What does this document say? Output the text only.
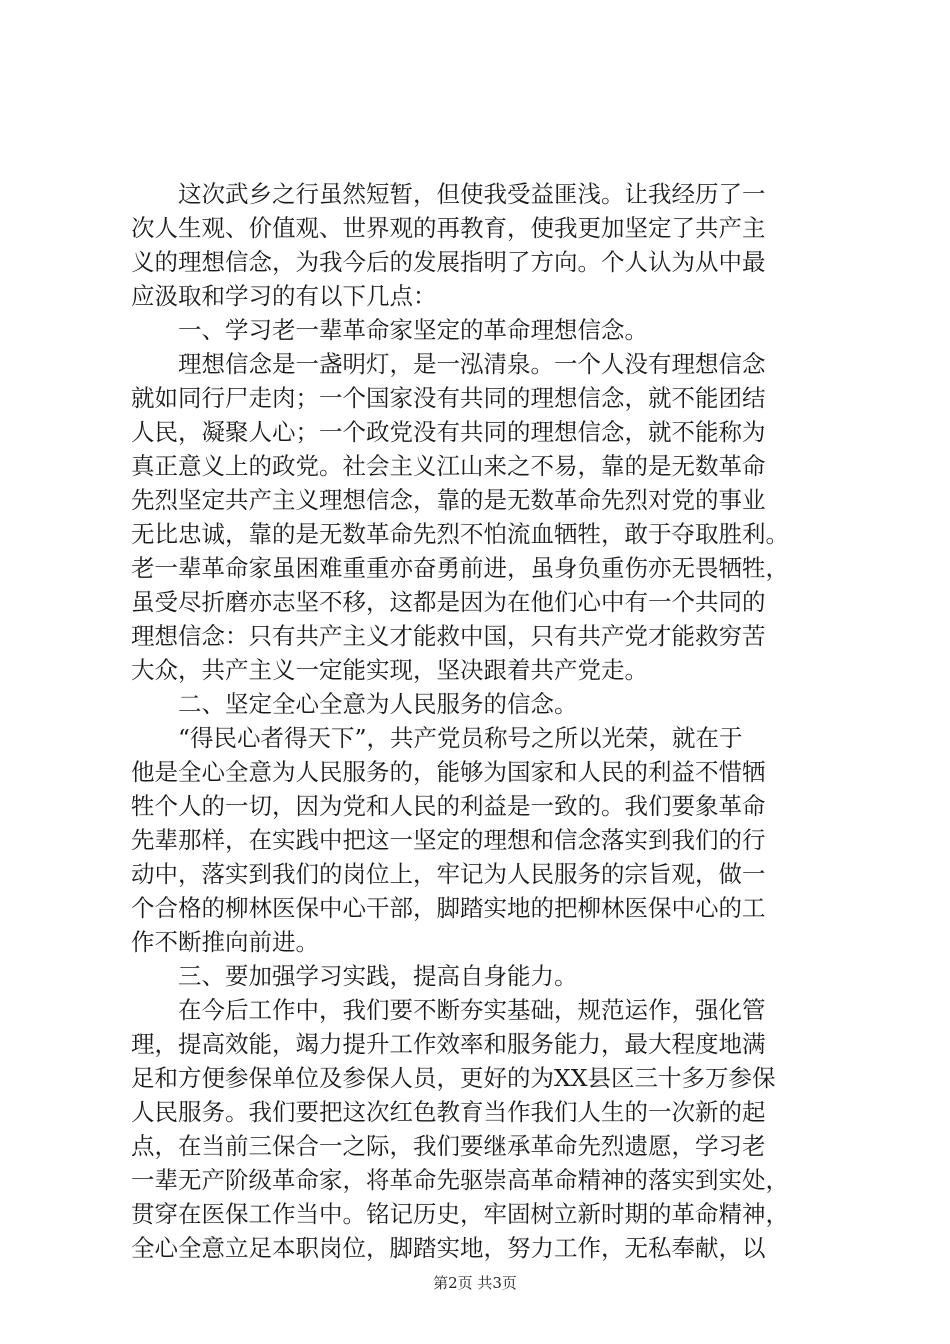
　　这次武乡之行虽然短暂，但使我受益匪浅。让我经历了一
次人生观、价值观、世界观的再教育，使我更加坚定了共产主
义的理想信念，为我今后的发展指明了方向。个人认为从中最
应汲取和学习的有以下几点：
　　一、学习老一辈革命家坚定的革命理想信念。
　　理想信念是一盏明灯，是一泓清泉。一个人没有理想信念
就如同行尸走肉；一个国家没有共同的理想信念，就不能团结
人民，凝聚人心；一个政党没有共同的理想信念，就不能称为
真正意义上的政党。社会主义江山来之不易，靠的是无数革命
先烈坚定共产主义理想信念，靠的是无数革命先烈对党的事业
无比忠诚，靠的是无数革命先烈不怕流血牺牲，敢于夺取胜利。
老一辈革命家虽困难重重亦奋勇前进，虽身负重伤亦无畏牺牲，
虽受尽折磨亦志坚不移，这都是因为在他们心中有一个共同的
理想信念：只有共产主义才能救中国，只有共产党才能救穷苦
大众，共产主义一定能实现，坚决跟着共产党走。
　　二、坚定全心全意为人民服务的信念。
　　“得民心者得天下”，共产党员称号之所以光荣，就在于
他是全心全意为人民服务的，能够为国家和人民的利益不惜牺
牲个人的一切，因为党和人民的利益是一致的。我们要象革命
先辈那样，在实践中把这一坚定的理想和信念落实到我们的行
动中，落实到我们的岗位上，牢记为人民服务的宗旨观，做一
个合格的柳林医保中心干部，脚踏实地的把柳林医保中心的工
作不断推向前进。
　　三、要加强学习实践，提高自身能力。
　　在今后工作中，我们要不断夯实基础，规范运作，强化管
理，提高效能，竭力提升工作效率和服务能力，最大程度地满
足和方便参保单位及参保人员，更好的为XX县区三十多万参保
人民服务。我们要把这次红色教育当作我们人生的一次新的起
点，在当前三保合一之际，我们要继承革命先烈遗愿，学习老
一辈无产阶级革命家，将革命先驱崇高革命精神的落实到实处，
贯穿在医保工作当中。铭记历史，牢固树立新时期的革命精神，
全心全意立足本职岗位，脚踏实地，努力工作，无私奉献，以
第2页 共3页
